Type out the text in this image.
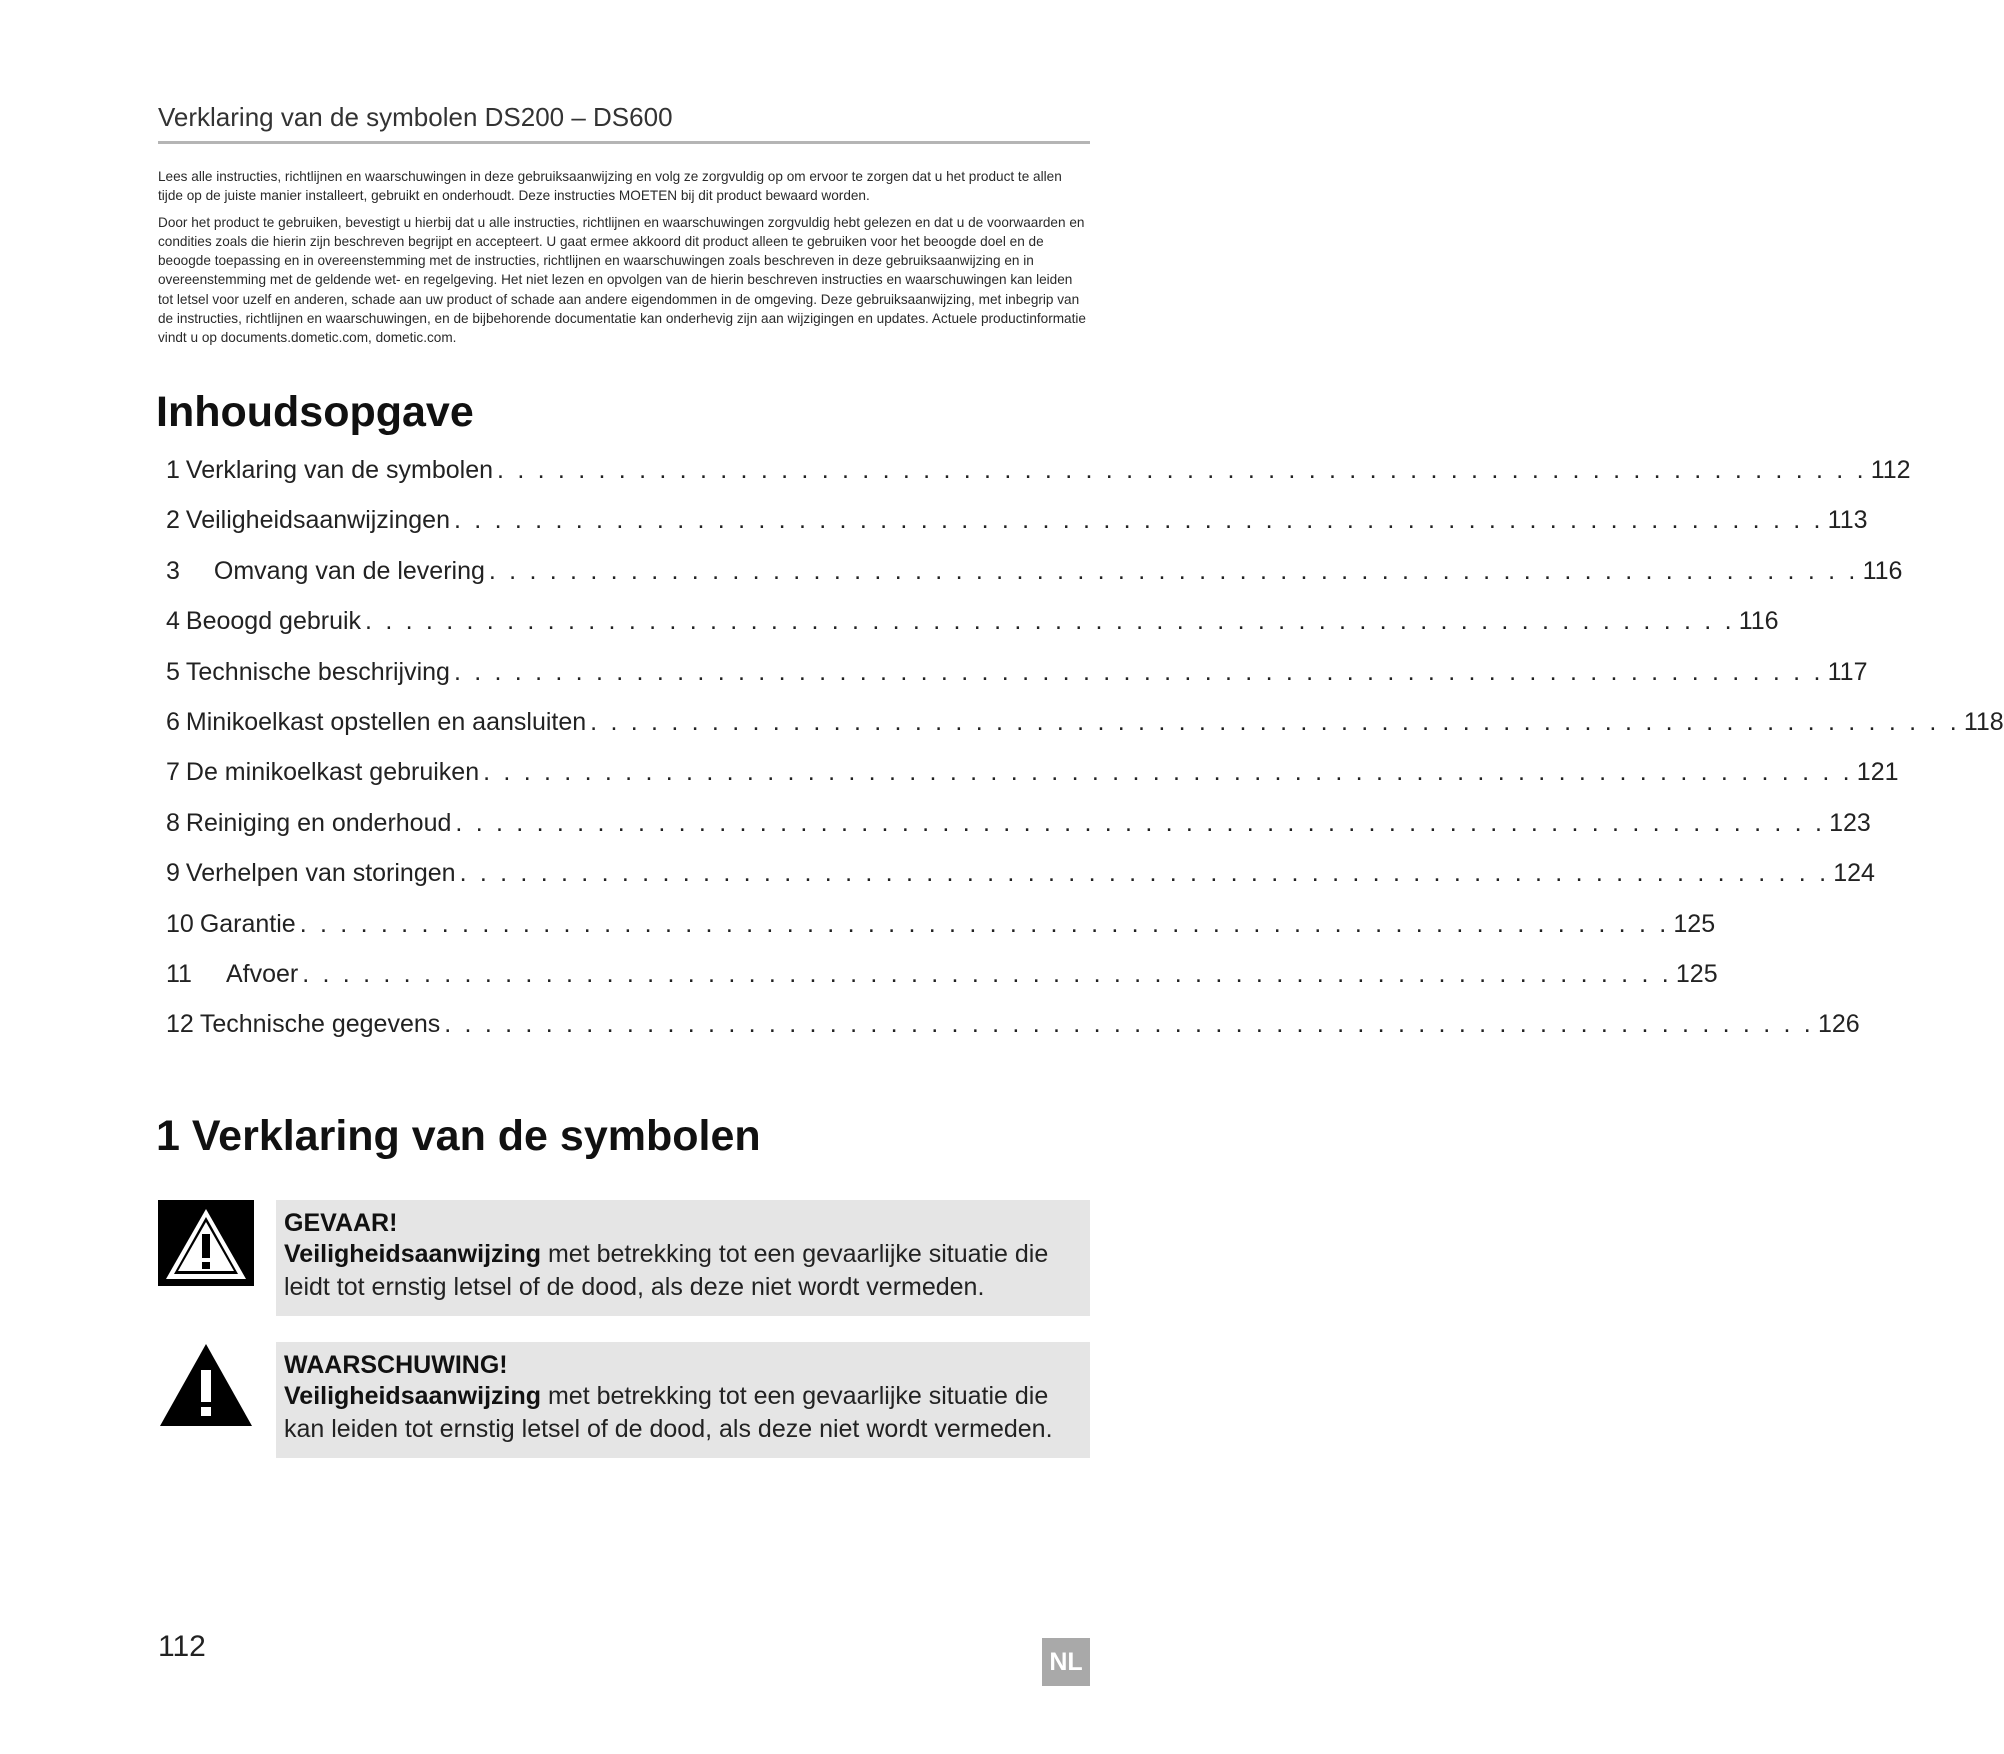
Verklaring van de symbolen DS200 – DS600

Lees alle instructies, richtlijnen en waarschuwingen in deze gebruiksaanwijzing en volg ze zorgvuldig op om ervoor te zorgen dat u het product te allen tijde op de juiste manier installeert, gebruikt en onderhoudt. Deze instructies MOETEN bij dit product bewaard worden.

Door het product te gebruiken, bevestigt u hierbij dat u alle instructies, richtlijnen en waarschuwingen zorgvuldig hebt gelezen en dat u de voorwaarden en condities zoals die hierin zijn beschreven begrijpt en accepteert. U gaat ermee akkoord dit product alleen te gebruiken voor het beoogde doel en de beoogde toepassing en in overeenstemming met de instructies, richtlijnen en waarschuwingen zoals beschreven in deze gebruiksaanwijzing en in overeenstemming met de geldende wet- en regelgeving. Het niet lezen en opvolgen van de hierin beschreven instructies en waarschuwingen kan leiden tot letsel voor uzelf en anderen, schade aan uw product of schade aan andere eigendommen in de omgeving. Deze gebruiksaanwijzing, met inbegrip van de instructies, richtlijnen en waarschuwingen, en de bijbehorende documentatie kan onderhevig zijn aan wijzigingen en updates. Actuele productinformatie vindt u op documents.dometic.com, dometic.com.

Inhoudsopgave
1 Verklaring van de symbolen . . . . . . . . . . . . . . . . . . . . . . . . . . . . . . . . . . . . . . . . . . . . . . . . . . . . . . . . . . . . . . . . . . . . 112
2 Veiligheidsaanwijzingen . . . . . . . . . . . . . . . . . . . . . . . . . . . . . . . . . . . . . . . . . . . . . . . . . . . . . . . . . . . . . . . . . . . . 113
3 Omvang van de levering . . . . . . . . . . . . . . . . . . . . . . . . . . . . . . . . . . . . . . . . . . . . . . . . . . . . . . . . . . . . . . . . . . . . 116
4 Beoogd gebruik . . . . . . . . . . . . . . . . . . . . . . . . . . . . . . . . . . . . . . . . . . . . . . . . . . . . . . . . . . . . . . . . . . . . 116
5 Technische beschrijving . . . . . . . . . . . . . . . . . . . . . . . . . . . . . . . . . . . . . . . . . . . . . . . . . . . . . . . . . . . . . . . . . . . . 117
6 Minikoelkast opstellen en aansluiten . . . . . . . . . . . . . . . . . . . . . . . . . . . . . . . . . . . . . . . . . . . . . . . . . . . . . . . . . . . . . . . . . . . . 118
7 De minikoelkast gebruiken . . . . . . . . . . . . . . . . . . . . . . . . . . . . . . . . . . . . . . . . . . . . . . . . . . . . . . . . . . . . . . . . . . . . 121
8 Reiniging en onderhoud . . . . . . . . . . . . . . . . . . . . . . . . . . . . . . . . . . . . . . . . . . . . . . . . . . . . . . . . . . . . . . . . . . . . 123
9 Verhelpen van storingen . . . . . . . . . . . . . . . . . . . . . . . . . . . . . . . . . . . . . . . . . . . . . . . . . . . . . . . . . . . . . . . . . . . . 124
10 Garantie . . . . . . . . . . . . . . . . . . . . . . . . . . . . . . . . . . . . . . . . . . . . . . . . . . . . . . . . . . . . . . . . . . . . 125
11 Afvoer . . . . . . . . . . . . . . . . . . . . . . . . . . . . . . . . . . . . . . . . . . . . . . . . . . . . . . . . . . . . . . . . . . . . 125
12 Technische gegevens . . . . . . . . . . . . . . . . . . . . . . . . . . . . . . . . . . . . . . . . . . . . . . . . . . . . . . . . . . . . . . . . . . . . 126
1 Verklaring van de symbolen
GEVAAR!
Veiligheidsaanwijzing met betrekking tot een gevaarlijke situatie die leidt tot ernstig letsel of de dood, als deze niet wordt vermeden.
WAARSCHUWING!
Veiligheidsaanwijzing met betrekking tot een gevaarlijke situatie die kan leiden tot ernstig letsel of de dood, als deze niet wordt vermeden.
112	NL
